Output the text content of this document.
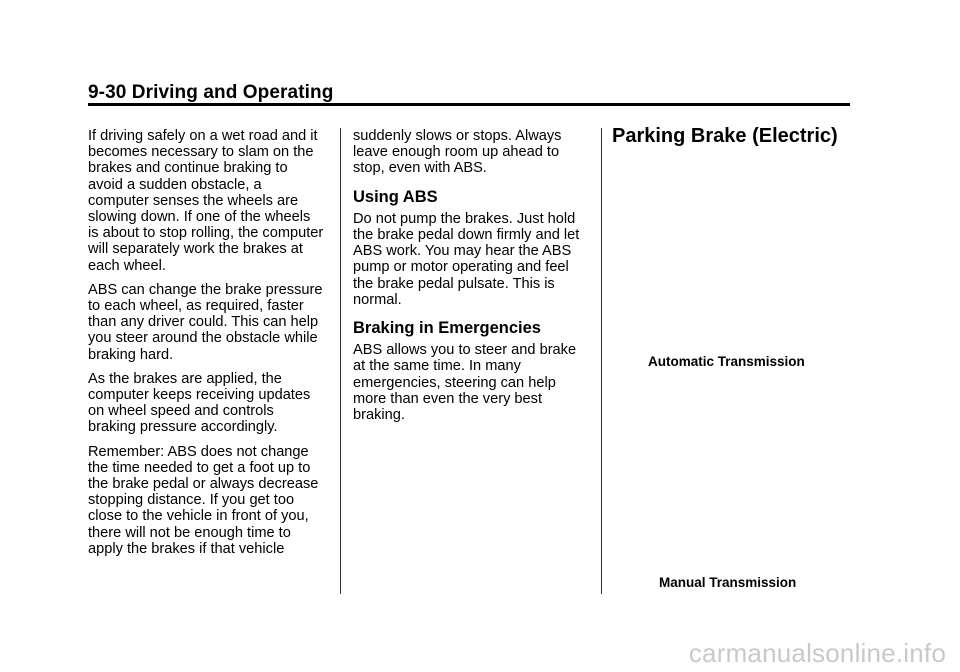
9-30 Driving and Operating

If driving safely on a wet road and it
becomes necessary to slam on the
brakes and continue braking to
avoid a sudden obstacle, a
computer senses the wheels are
slowing down. If one of the wheels
is about to stop rolling, the computer
will separately work the brakes at
each wheel.

ABS can change the brake pressure
to each wheel, as required, faster
than any driver could. This can help
you steer around the obstacle while
braking hard.

As the brakes are applied, the
computer keeps receiving updates
on wheel speed and controls
braking pressure accordingly.

Remember: ABS does not change
the time needed to get a foot up to
the brake pedal or always decrease
stopping distance. If you get too
close to the vehicle in front of you,
there will not be enough time to
apply the brakes if that vehicle

suddenly slows or stops. Always
leave enough room up ahead to
stop, even with ABS.

Using ABS

Do not pump the brakes. Just hold
the brake pedal down firmly and let
ABS work. You may hear the ABS
pump or motor operating and feel
the brake pedal pulsate. This is
normal.

Braking in Emergencies

ABS allows you to steer and brake
at the same time. In many
emergencies, steering can help
more than even the very best
braking.

Parking Brake (Electric)
Automatic Transmission
Manual Transmission
carmanualsonline.info
